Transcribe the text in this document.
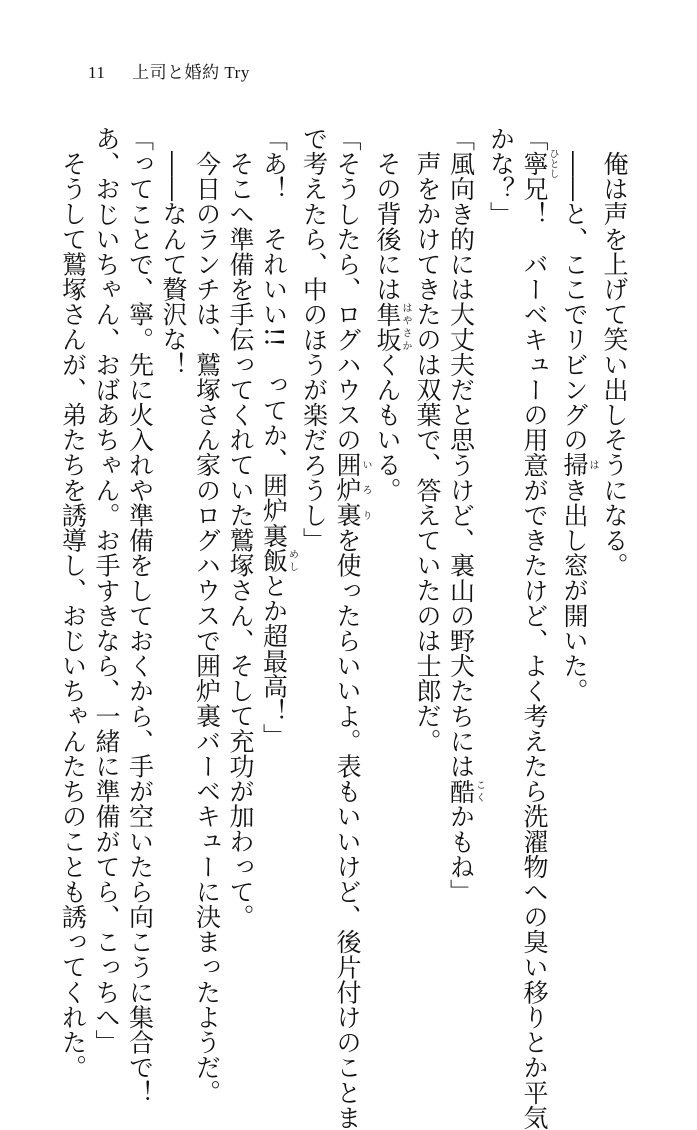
11 上司と婚約 Try
俺は声を上げて笑い出しそうになる。
――と、ここでリビングの掃はき出し窓が開いた。
「寧ひとし兄！　バーベキューの用意ができたけど、よく考えたら洗濯物への臭い移りとか平気
かな？」
「風向き的には大丈夫だと思うけど、裏山の野犬たちには酷こくかもね」
声をかけてきたのは双葉で、答えていたのは士郎だ。
その背後には隼坂はやさかくんもいる。
「そうしたら、ログハウスの囲炉裏いろりを使ったらいいよ。表もいいけど、後片付けのことま
で考えたら、中のほうが楽だろうし」
「あ！　それいい!!　ってか、囲炉裏飯めしとか超最高！」
そこへ準備を手伝ってくれていた鷲塚さん、そして充功が加わって。
今日のランチは、鷲塚さん家のログハウスで囲炉裏バーベキューに決まったようだ。
――なんて贅沢な！
「ってことで、寧。先に火入れや準備をしておくから、手が空いたら向こうに集合で！
あ、おじいちゃん、おばあちゃん。お手すきなら、一緒に準備がてら、こっちへ」
そうして鷲塚さんが、弟たちを誘導し、おじいちゃんたちのことも誘ってくれた。
